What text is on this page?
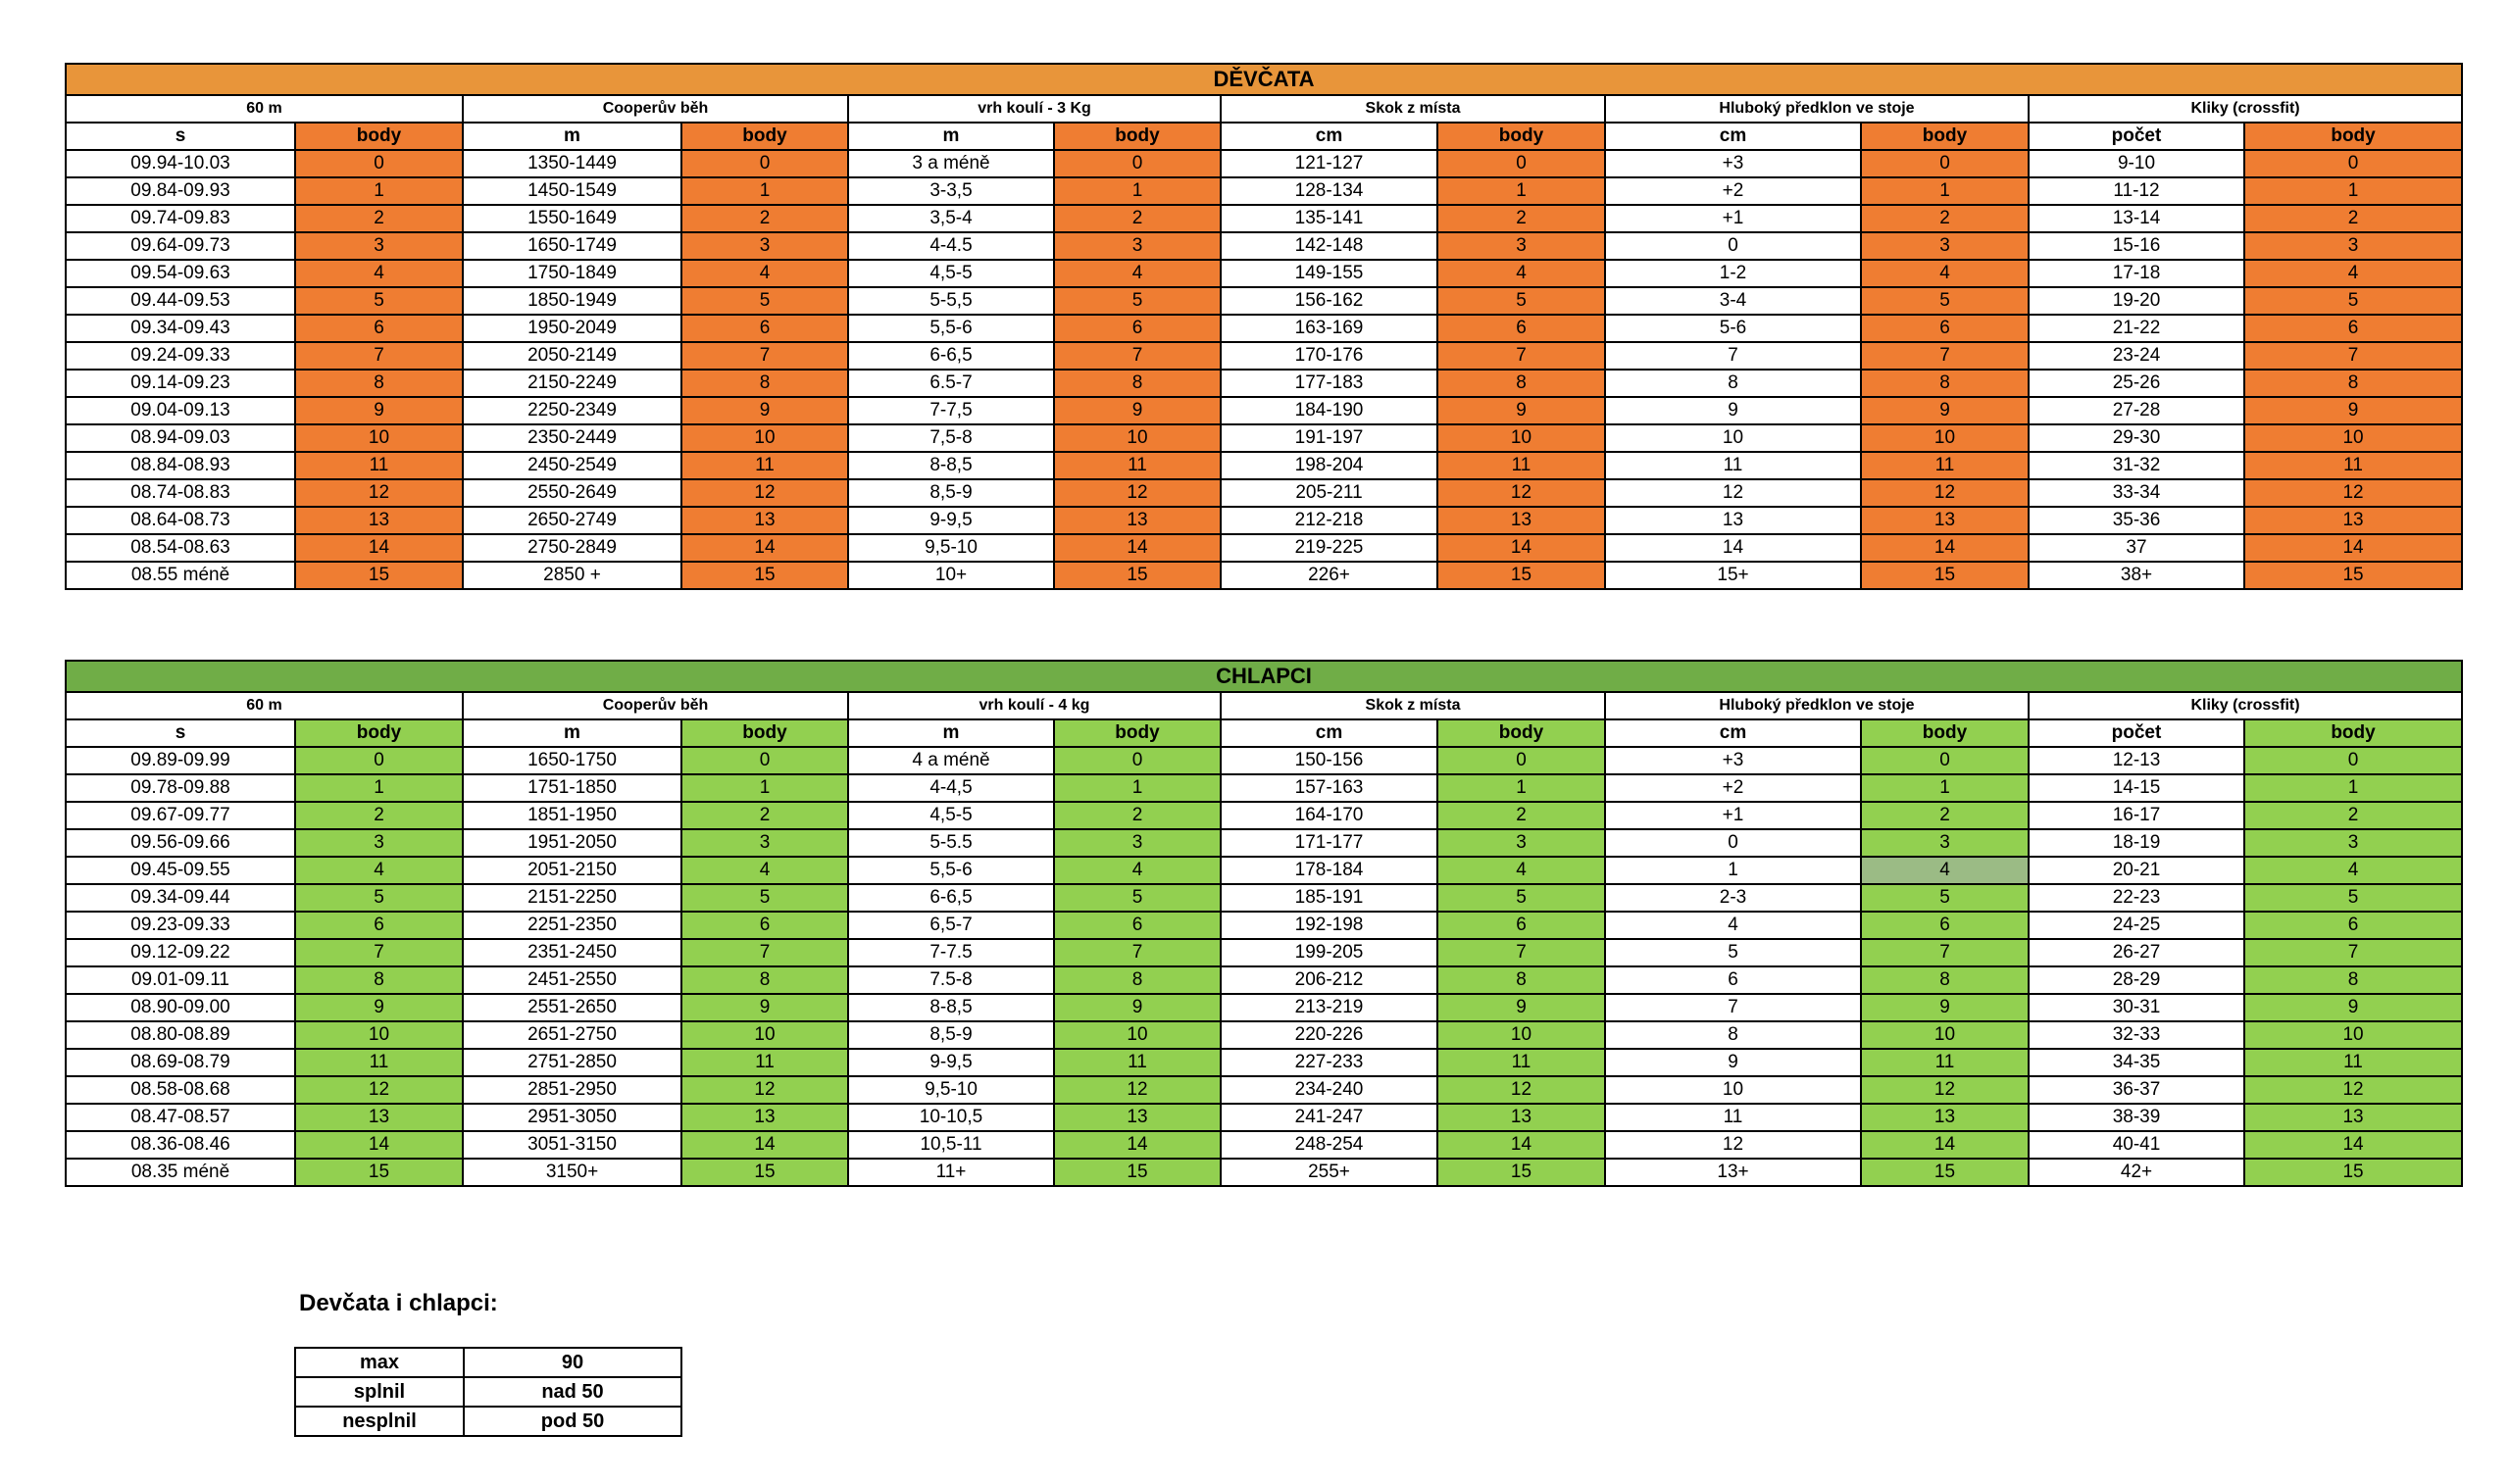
DĚVČATA											
60 m		Cooperův běh		vrh koulí - 3 Kg		Skok z místa		Hluboký předklon ve stoje		Kliky (crossfit)	
s	body	m	body	m	body	cm	body	cm	body	počet	body
09.94-10.03	0	1350-1449	0	3 a méně	0	121-127	0	+3	0	9-10	0
09.84-09.93	1	1450-1549	1	3-3,5	1	128-134	1	+2	1	11-12	1
09.74-09.83	2	1550-1649	2	3,5-4	2	135-141	2	+1	2	13-14	2
09.64-09.73	3	1650-1749	3	4-4.5	3	142-148	3	0	3	15-16	3
09.54-09.63	4	1750-1849	4	4,5-5	4	149-155	4	1-2	4	17-18	4
09.44-09.53	5	1850-1949	5	5-5,5	5	156-162	5	3-4	5	19-20	5
09.34-09.43	6	1950-2049	6	5,5-6	6	163-169	6	5-6	6	21-22	6
09.24-09.33	7	2050-2149	7	6-6,5	7	170-176	7	7	7	23-24	7
09.14-09.23	8	2150-2249	8	6.5-7	8	177-183	8	8	8	25-26	8
09.04-09.13	9	2250-2349	9	7-7,5	9	184-190	9	9	9	27-28	9
08.94-09.03	10	2350-2449	10	7,5-8	10	191-197	10	10	10	29-30	10
08.84-08.93	11	2450-2549	11	8-8,5	11	198-204	11	11	11	31-32	11
08.74-08.83	12	2550-2649	12	8,5-9	12	205-211	12	12	12	33-34	12
08.64-08.73	13	2650-2749	13	9-9,5	13	212-218	13	13	13	35-36	13
08.54-08.63	14	2750-2849	14	9,5-10	14	219-225	14	14	14	37	14
08.55 méně	15	2850 +	15	10+	15	226+	15	15+	15	38+	15
CHLAPCI											
60 m		Cooperův běh		vrh koulí - 4 kg		Skok z místa		Hluboký předklon ve stoje		Kliky (crossfit)	
s	body	m	body	m	body	cm	body	cm	body	počet	body
09.89-09.99	0	1650-1750	0	4 a méně	0	150-156	0	+3	0	12-13	0
09.78-09.88	1	1751-1850	1	4-4,5	1	157-163	1	+2	1	14-15	1
09.67-09.77	2	1851-1950	2	4,5-5	2	164-170	2	+1	2	16-17	2
09.56-09.66	3	1951-2050	3	5-5.5	3	171-177	3	0	3	18-19	3
09.45-09.55	4	2051-2150	4	5,5-6	4	178-184	4	1	4	20-21	4
09.34-09.44	5	2151-2250	5	6-6,5	5	185-191	5	2-3	5	22-23	5
09.23-09.33	6	2251-2350	6	6,5-7	6	192-198	6	4	6	24-25	6
09.12-09.22	7	2351-2450	7	7-7.5	7	199-205	7	5	7	26-27	7
09.01-09.11	8	2451-2550	8	7.5-8	8	206-212	8	6	8	28-29	8
08.90-09.00	9	2551-2650	9	8-8,5	9	213-219	9	7	9	30-31	9
08.80-08.89	10	2651-2750	10	8,5-9	10	220-226	10	8	10	32-33	10
08.69-08.79	11	2751-2850	11	9-9,5	11	227-233	11	9	11	34-35	11
08.58-08.68	12	2851-2950	12	9,5-10	12	234-240	12	10	12	36-37	12
08.47-08.57	13	2951-3050	13	10-10,5	13	241-247	13	11	13	38-39	13
08.36-08.46	14	3051-3150	14	10,5-11	14	248-254	14	12	14	40-41	14
08.35 méně	15	3150+	15	11+	15	255+	15	13+	15	42+	15
Devčata i chlapci:
max	90
splnil	nad 50
nesplnil	pod 50
